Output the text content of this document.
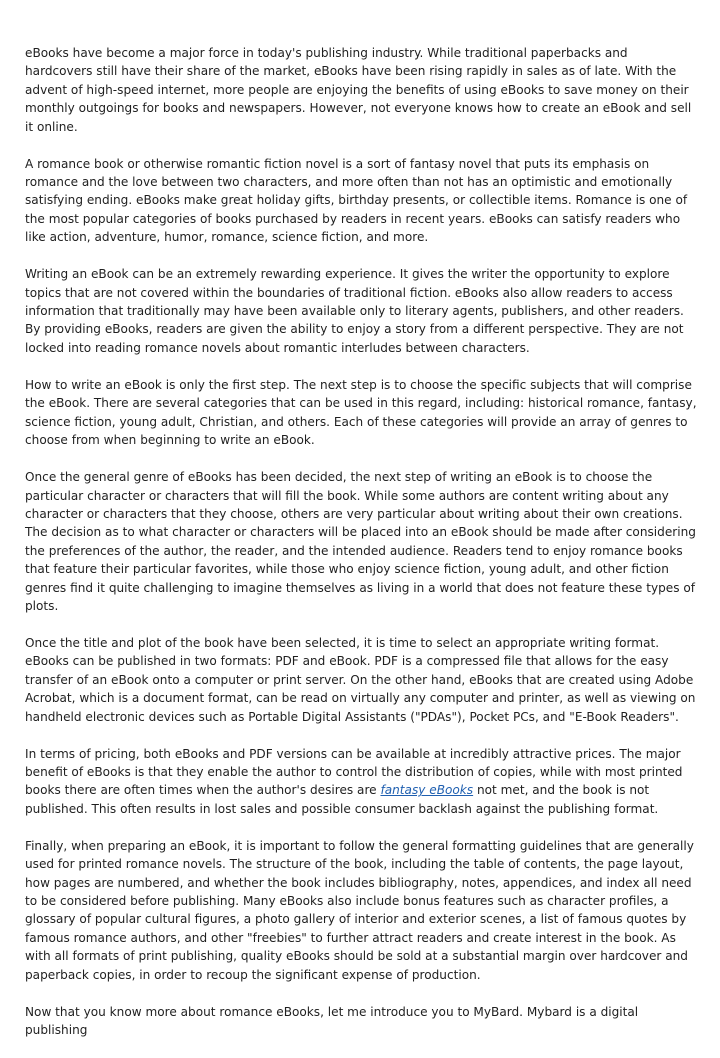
eBooks have become a major force in today's publishing industry. While traditional paperbacks and hardcovers still have their share of the market, eBooks have been rising rapidly in sales as of late. With the advent of high-speed internet, more people are enjoying the benefits of using eBooks to save money on their monthly outgoings for books and newspapers. However, not everyone knows how to create an eBook and sell it online.

A romance book or otherwise romantic fiction novel is a sort of fantasy novel that puts its emphasis on romance and the love between two characters, and more often than not has an optimistic and emotionally satisfying ending. eBooks make great holiday gifts, birthday presents, or collectible items. Romance is one of the most popular categories of books purchased by readers in recent years. eBooks can satisfy readers who like action, adventure, humor, romance, science fiction, and more.

Writing an eBook can be an extremely rewarding experience. It gives the writer the opportunity to explore topics that are not covered within the boundaries of traditional fiction. eBooks also allow readers to access information that traditionally may have been available only to literary agents, publishers, and other readers. By providing eBooks, readers are given the ability to enjoy a story from a different perspective. They are not locked into reading romance novels about romantic interludes between characters.

How to write an eBook is only the first step. The next step is to choose the specific subjects that will comprise the eBook. There are several categories that can be used in this regard, including: historical romance, fantasy, science fiction, young adult, Christian, and others. Each of these categories will provide an array of genres to choose from when beginning to write an eBook.

Once the general genre of eBooks has been decided, the next step of writing an eBook is to choose the particular character or characters that will fill the book. While some authors are content writing about any character or characters that they choose, others are very particular about writing about their own creations. The decision as to what character or characters will be placed into an eBook should be made after considering the preferences of the author, the reader, and the intended audience. Readers tend to enjoy romance books that feature their particular favorites, while those who enjoy science fiction, young adult, and other fiction genres find it quite challenging to imagine themselves as living in a world that does not feature these types of plots.

Once the title and plot of the book have been selected, it is time to select an appropriate writing format. eBooks can be published in two formats: PDF and eBook. PDF is a compressed file that allows for the easy transfer of an eBook onto a computer or print server. On the other hand, eBooks that are created using Adobe Acrobat, which is a document format, can be read on virtually any computer and printer, as well as viewing on handheld electronic devices such as Portable Digital Assistants ("PDAs"), Pocket PCs, and "E-Book Readers".

In terms of pricing, both eBooks and PDF versions can be available at incredibly attractive prices. The major benefit of eBooks is that they enable the author to control the distribution of copies, while with most printed books there are often times when the author's desires are fantasy eBooks not met, and the book is not published. This often results in lost sales and possible consumer backlash against the publishing format.

Finally, when preparing an eBook, it is important to follow the general formatting guidelines that are generally used for printed romance novels. The structure of the book, including the table of contents, the page layout, how pages are numbered, and whether the book includes bibliography, notes, appendices, and index all need to be considered before publishing. Many eBooks also include bonus features such as character profiles, a glossary of popular cultural figures, a photo gallery of interior and exterior scenes, a list of famous quotes by famous romance authors, and other "freebies" to further attract readers and create interest in the book. As with all formats of print publishing, quality eBooks should be sold at a substantial margin over hardcover and paperback copies, in order to recoup the significant expense of production.

Now that you know more about romance eBooks, let me introduce you to MyBard. Mybard is a digital publishing
